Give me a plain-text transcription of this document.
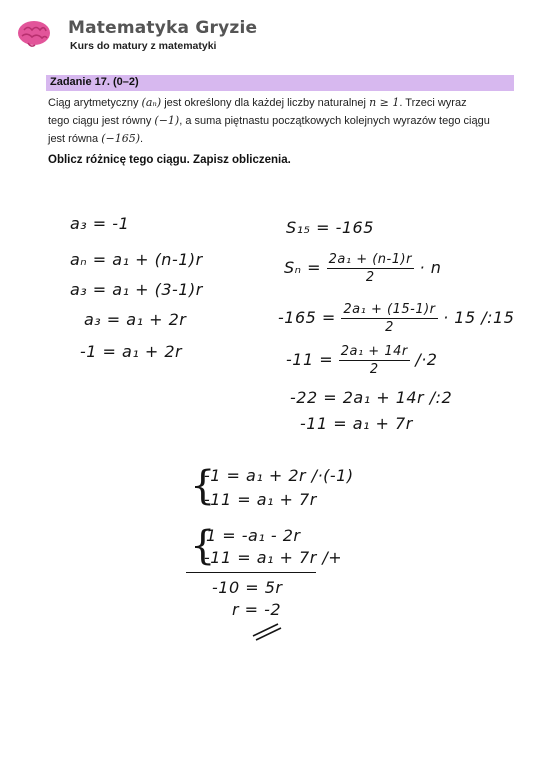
Matematyka Gryzie
Kurs do matury z matematyki
Zadanie 17. (0–2)
Ciąg arytmetyczny (aₙ) jest określony dla każdej liczby naturalnej n ≥ 1. Trzeci wyraz
tego ciągu jest równy (−1), a suma piętnastu początkowych kolejnych wyrazów tego ciągu
jest równa (−165).
Oblicz różnicę tego ciągu. Zapisz obliczenia.
a₃ = -1
aₙ = a₁ + (n-1)r
a₃ = a₁ + (3-1)r
a₃ = a₁ + 2r
-1 = a₁ + 2r
S₁₅ = -165
$S_n = \frac{\text{2a₁ + (n-1)r}}{2} \cdot n$
$-165 = \frac{\text{2a₁ + (15-1)r}}{2} \cdot 15$ /:15
$-11 = \frac{\text{2a₁ + 14r}}{2} /\cdot 2$
-22 = 2a₁ + 14r /:2
-11 = a₁ + 7r
{
-1 = a₁ + 2r /·(-1)
-11 = a₁ + 7r
{
1 = -a₁ - 2r
-11 = a₁ + 7r /+
-10 = 5r
r = -2
